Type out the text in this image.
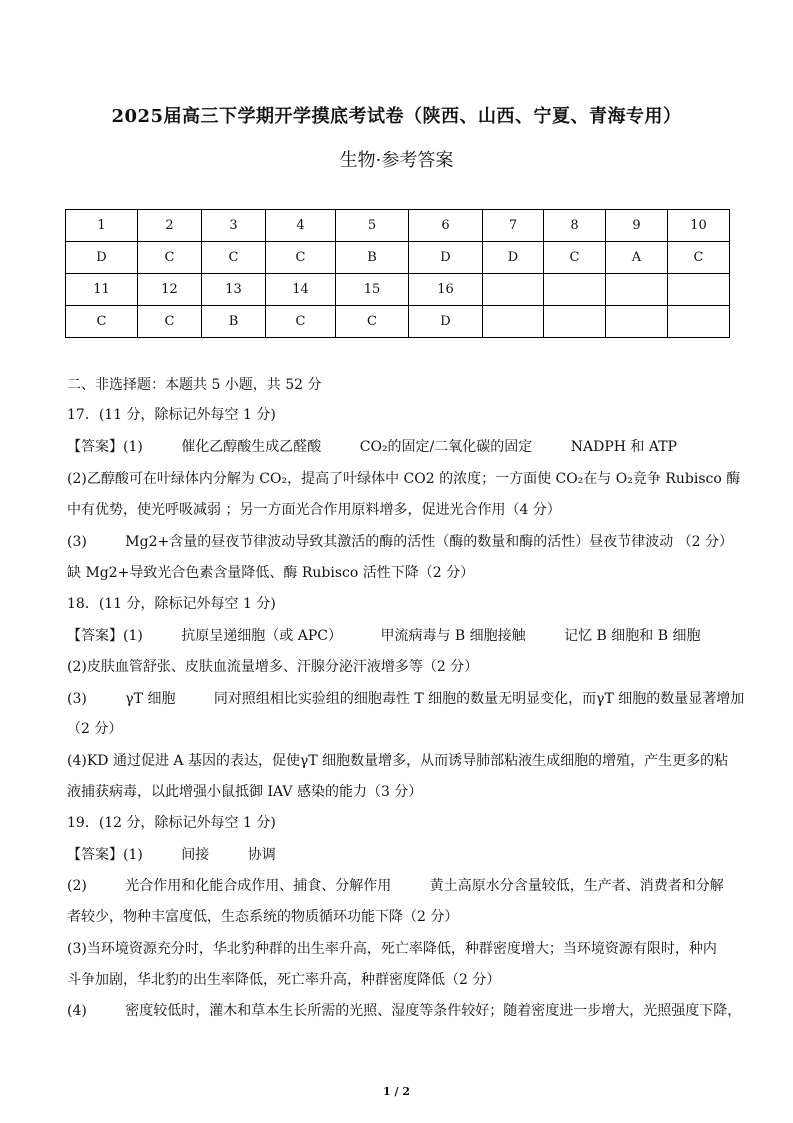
2025届高三下学期开学摸底考试卷（陕西、山西、宁夏、青海专用）
生物·参考答案
1	2	3	4	5	6	7	8	9	10
D	C	C	C	B	D	D	C	A	C
11	12	13	14	15	16				
C	C	B	C	C	D				
二、非选择题：本题共 5 小题，共 52 分
17．(11 分，除标记外每空 1 分)
【答案】(1)	催化乙醇酸生成乙醛酸	CO₂的固定/二氧化碳的固定	NADPH 和 ATP
(2)乙醇酸可在叶绿体内分解为 CO₂，提高了叶绿体中 CO2 的浓度；一方面使 CO₂在与 O₂竞争 Rubisco 酶
中有优势，使光呼吸减弱 ；另一方面光合作用原料增多，促进光合作用（4 分）
(3)	Mg2+含量的昼夜节律波动导致其激活的酶的活性（酶的数量和酶的活性）昼夜节律波动 （2 分）
缺 Mg2+导致光合色素含量降低、酶 Rubisco 活性下降（2 分）
18．(11 分，除标记外每空 1 分)
【答案】(1)	抗原呈递细胞（或 APC）	甲流病毒与 B 细胞接触	记忆 B 细胞和 B 细胞
(2)皮肤血管舒张、皮肤血流量增多、汗腺分泌汗液增多等（2 分）
(3)	γT 细胞	同对照组相比实验组的细胞毒性 T 细胞的数量无明显变化，而γT 细胞的数量显著增加
（2 分）
(4)KD 通过促进 A 基因的表达，促使γT 细胞数量增多，从而诱导肺部粘液生成细胞的增殖，产生更多的粘
液捕获病毒，以此增强小鼠抵御 IAV 感染的能力（3 分）
19．(12 分，除标记外每空 1 分)
【答案】(1)	间接	协调
(2)	光合作用和化能合成作用、捕食、分解作用	黄土高原水分含量较低，生产者、消费者和分解
者较少，物种丰富度低，生态系统的物质循环功能下降（2 分）
(3)当环境资源充分时，华北豹种群的出生率升高，死亡率降低，种群密度增大；当环境资源有限时，种内
斗争加剧，华北豹的出生率降低，死亡率升高，种群密度降低（2 分）
(4)	密度较低时，灌木和草本生长所需的光照、湿度等条件较好；随着密度进一步增大，光照强度下降，
1 / 2
